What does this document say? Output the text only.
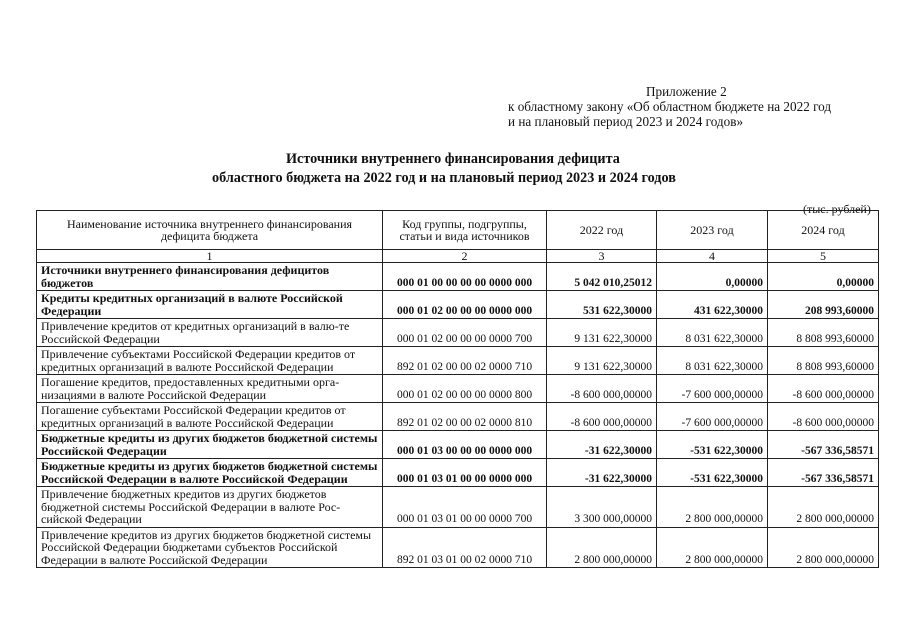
Приложение 2
к областному закону «Об областном бюджете на 2022 год
и на плановый период 2023 и 2024 годов»
Источники внутреннего финансирования дефицита
областного бюджета на 2022 год и на плановый период 2023 и 2024 годов
(тыс. рублей)
Наименование источника внутреннего финансирования дефицита бюджета	Код группы, подгруппы, статьи и вида источников	2022 год	2023 год	2024 год
1	2	3	4	5
Источники внутреннего финансирования дефицитов бюджетов	000 01 00 00 00 00 0000 000	5 042 010,25012	0,00000	0,00000
Кредиты кредитных организаций в валюте Российской Федерации	000 01 02 00 00 00 0000 000	531 622,30000	431 622,30000	208 993,60000
Привлечение кредитов от кредитных организаций в валю-те Российской Федерации	000 01 02 00 00 00 0000 700	9 131 622,30000	8 031 622,30000	8 808 993,60000
Привлечение субъектами Российской Федерации кредитов от кредитных организаций в валюте Российской Федерации	892 01 02 00 00 02 0000 710	9 131 622,30000	8 031 622,30000	8 808 993,60000
Погашение кредитов, предоставленных кредитными орга-низациями в валюте Российской Федерации	000 01 02 00 00 00 0000 800	-8 600 000,00000	-7 600 000,00000	-8 600 000,00000
Погашение субъектами Российской Федерации кредитов от кредитных организаций в валюте Российской Федерации	892 01 02 00 00 02 0000 810	-8 600 000,00000	-7 600 000,00000	-8 600 000,00000
Бюджетные кредиты из других бюджетов бюджетной системы Российской Федерации	000 01 03 00 00 00 0000 000	-31 622,30000	-531 622,30000	-567 336,58571
Бюджетные кредиты из других бюджетов бюджетной системы Российской Федерации в валюте Российской Федерации	000 01 03 01 00 00 0000 000	-31 622,30000	-531 622,30000	-567 336,58571
Привлечение бюджетных кредитов из других бюджетов бюджетной системы Российской Федерации в валюте Рос-сийской Федерации	000 01 03 01 00 00 0000 700	3 300 000,00000	2 800 000,00000	2 800 000,00000
Привлечение кредитов из других бюджетов бюджетной системы Российской Федерации бюджетами субъектов Российской Федерации в валюте Российской Федерации	892 01 03 01 00 02 0000 710	2 800 000,00000	2 800 000,00000	2 800 000,00000
